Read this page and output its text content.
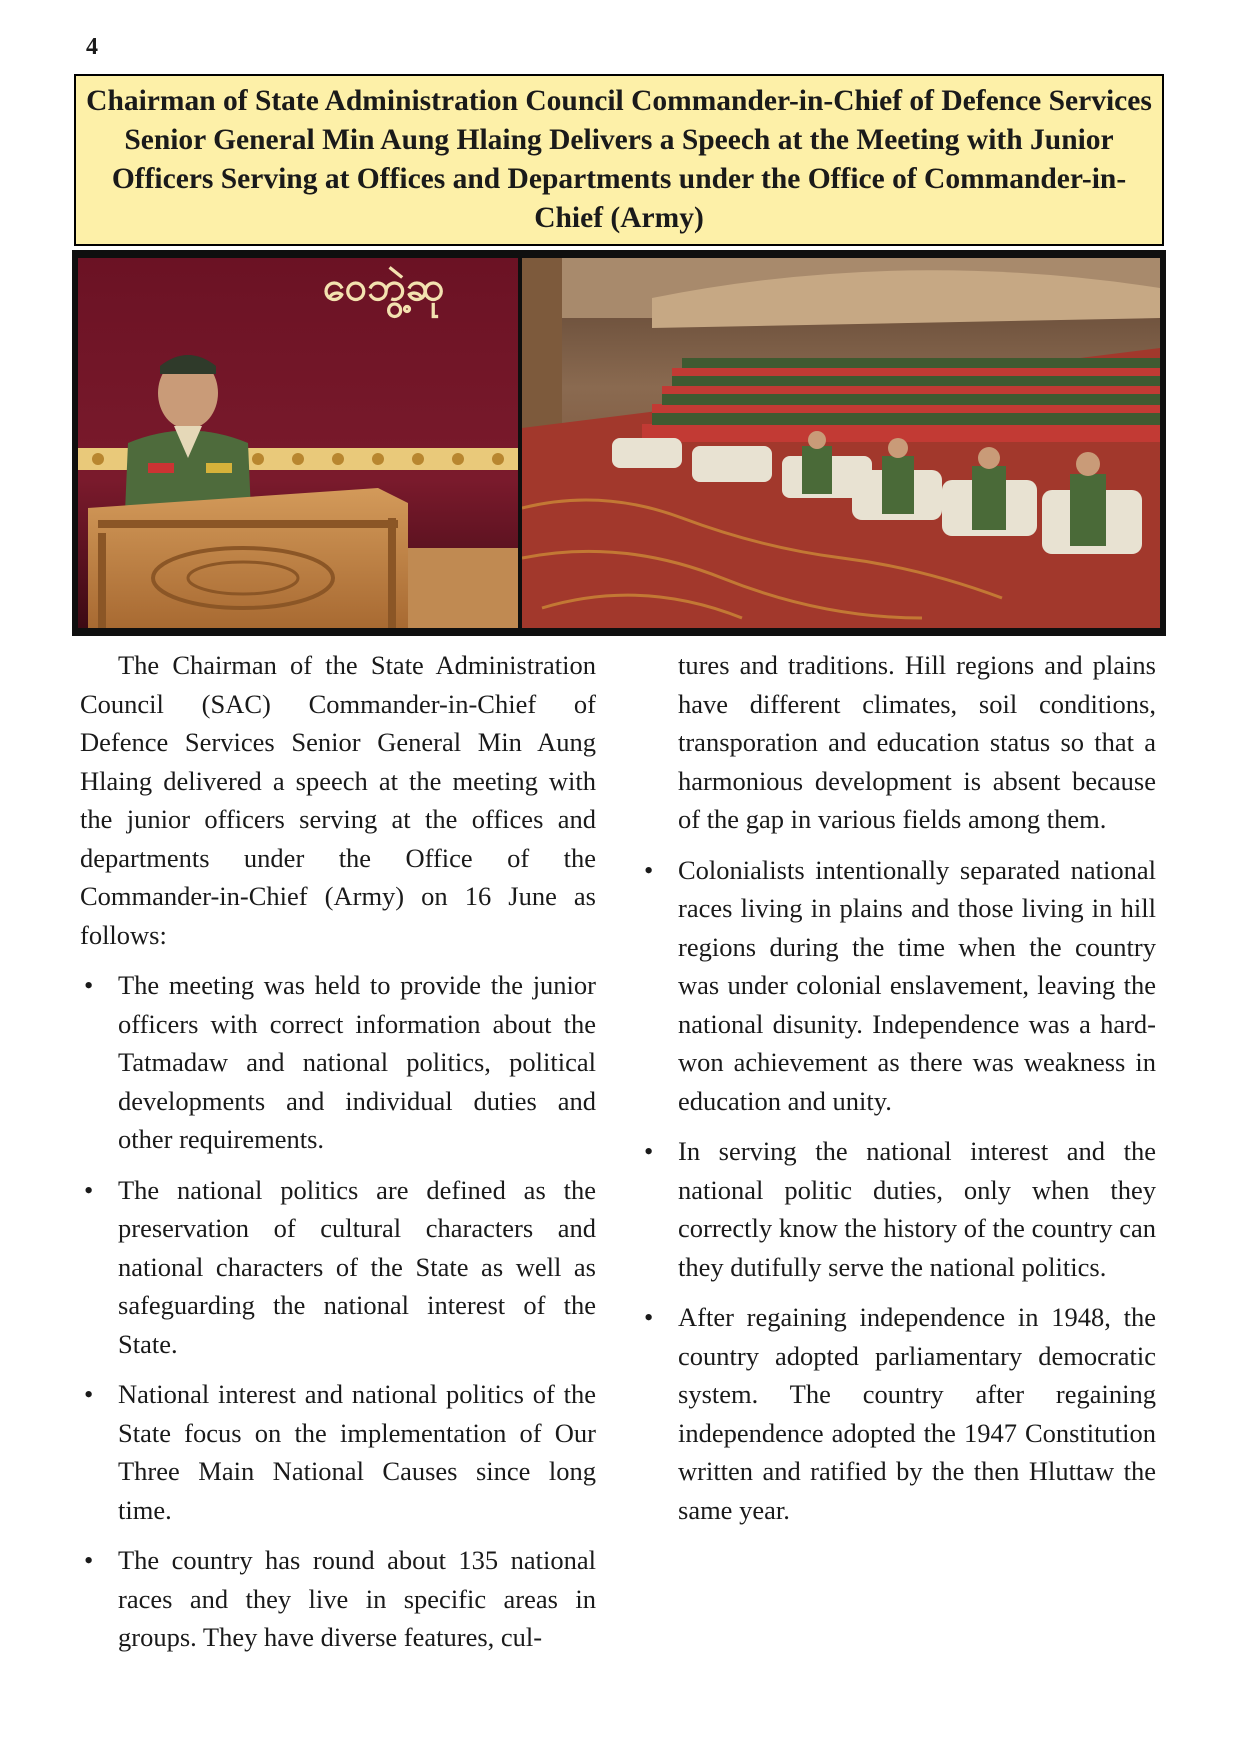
4
Chairman of State Administration Council Commander-in-Chief of Defence Services Senior General Min Aung Hlaing Delivers a Speech at the Meeting with Junior Officers Serving at Offices and Departments under the Office of Commander-in-Chief (Army)
ဝေဘွဲ့ဆု

The Chairman of the State Administration Council (SAC) Commander-in-Chief of Defence Services Senior General Min Aung Hlaing delivered a speech at the meeting with the junior officers serving at the offices and departments under the Office of the Commander-in-Chief (Army) on 16 June as follows:

• The meeting was held to provide the junior officers with correct information about the Tatmadaw and national politics, political developments and individual duties and other requirements.
• The national politics are defined as the preservation of cultural characters and national characters of the State as well as safeguarding the national interest of the State.
• National interest and national politics of the State focus on the implementation of Our Three Main National Causes since long time.
• The country has round about 135 national races and they live in specific areas in groups. They have diverse features, cul-

tures and traditions. Hill regions and plains have different climates, soil conditions, transporation and education status so that a harmonious development is absent because of the gap in various fields among them.

• Colonialists intentionally separated national races living in plains and those living in hill regions during the time when the country was under colonial enslavement, leaving the national disunity. Independence was a hard-won achievement as there was weakness in education and unity.
• In serving the national interest and the national politic duties, only when they correctly know the history of the country can they dutifully serve the national politics.
• After regaining independence in 1948, the country adopted parliamentary democratic system. The country after regaining independence adopted the 1947 Constitution written and ratified by the then Hluttaw the same year.
